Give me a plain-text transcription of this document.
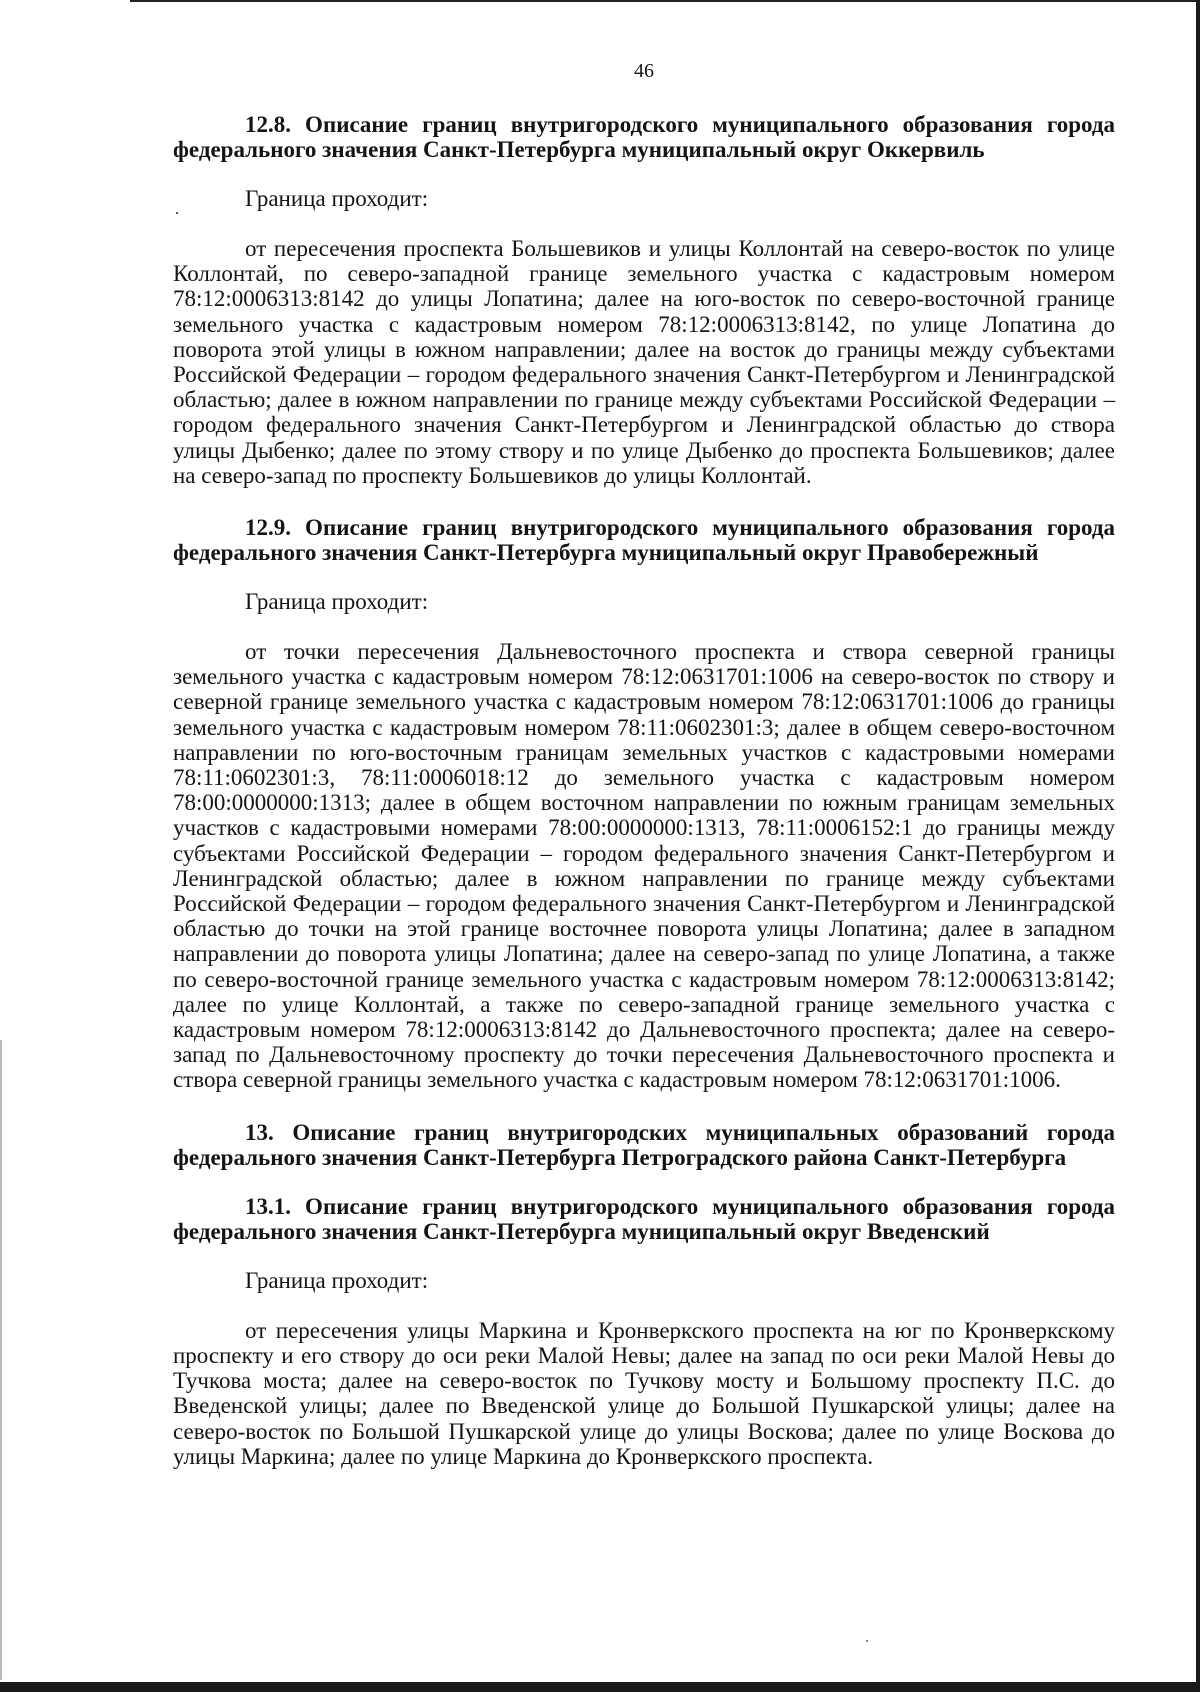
46
12.8. Описание границ внутригородского муниципального образования города федерального значения Санкт-Петербурга муниципальный округ Оккервиль

Граница проходит:

от пересечения проспекта Большевиков и улицы Коллонтай на северо-восток по улице Коллонтай, по северо-западной границе земельного участка с кадастровым номером 78:12:0006313:8142 до улицы Лопатина; далее на юго-восток по северо-восточной границе земельного участка с кадастровым номером 78:12:0006313:8142, по улице Лопатина до поворота этой улицы в южном направлении; далее на восток до границы между субъектами Российской Федерации – городом федерального значения Санкт-Петербургом и Ленинградской областью; далее в южном направлении по границе между субъектами Российской Федерации – городом федерального значения Санкт-Петербургом и Ленинградской областью до створа улицы Дыбенко; далее по этому створу и по улице Дыбенко до проспекта Большевиков; далее на северо-запад по проспекту Большевиков до улицы Коллонтай.

12.9. Описание границ внутригородского муниципального образования города федерального значения Санкт-Петербурга муниципальный округ Правобережный

Граница проходит:

от точки пересечения Дальневосточного проспекта и створа северной границы земельного участка с кадастровым номером 78:12:0631701:1006 на северо-восток по створу и северной границе земельного участка с кадастровым номером 78:12:0631701:1006 до границы земельного участка с кадастровым номером 78:11:0602301:3; далее в общем северо-восточном направлении по юго-восточным границам земельных участков с кадастровыми номерами 78:11:0602301:3, 78:11:0006018:12 до земельного участка с кадастровым номером 78:00:0000000:1313; далее в общем восточном направлении по южным границам земельных участков с кадастровыми номерами 78:00:0000000:1313, 78:11:0006152:1 до границы между субъектами Российской Федерации – городом федерального значения Санкт-Петербургом и Ленинградской областью; далее в южном направлении по границе между субъектами Российской Федерации – городом федерального значения Санкт-Петербургом и Ленинградской областью до точки на этой границе восточнее поворота улицы Лопатина; далее в западном направлении до поворота улицы Лопатина; далее на северо-запад по улице Лопатина, а также по северо-восточной границе земельного участка с кадастровым номером 78:12:0006313:8142; далее по улице Коллонтай, а также по северо-западной границе земельного участка с кадастровым номером 78:12:0006313:8142 до Дальневосточного проспекта; далее на северо-запад по Дальневосточному проспекту до точки пересечения Дальневосточного проспекта и створа северной границы земельного участка с кадастровым номером 78:12:0631701:1006.

13. Описание границ внутригородских муниципальных образований города федерального значения Санкт-Петербурга Петроградского района Санкт-Петербурга
13.1. Описание границ внутригородского муниципального образования города федерального значения Санкт-Петербурга муниципальный округ Введенский

Граница проходит:

от пересечения улицы Маркина и Кронверкского проспекта на юг по Кронверкскому проспекту и его створу до оси реки Малой Невы; далее на запад по оси реки Малой Невы до Тучкова моста; далее на северо-восток по Тучкову мосту и Большому проспекту П.С. до Введенской улицы; далее по Введенской улице до Большой Пушкарской улицы; далее на северо-восток по Большой Пушкарской улице до улицы Воскова; далее по улице Воскова до улицы Маркина; далее по улице Маркина до Кронверкского проспекта.
